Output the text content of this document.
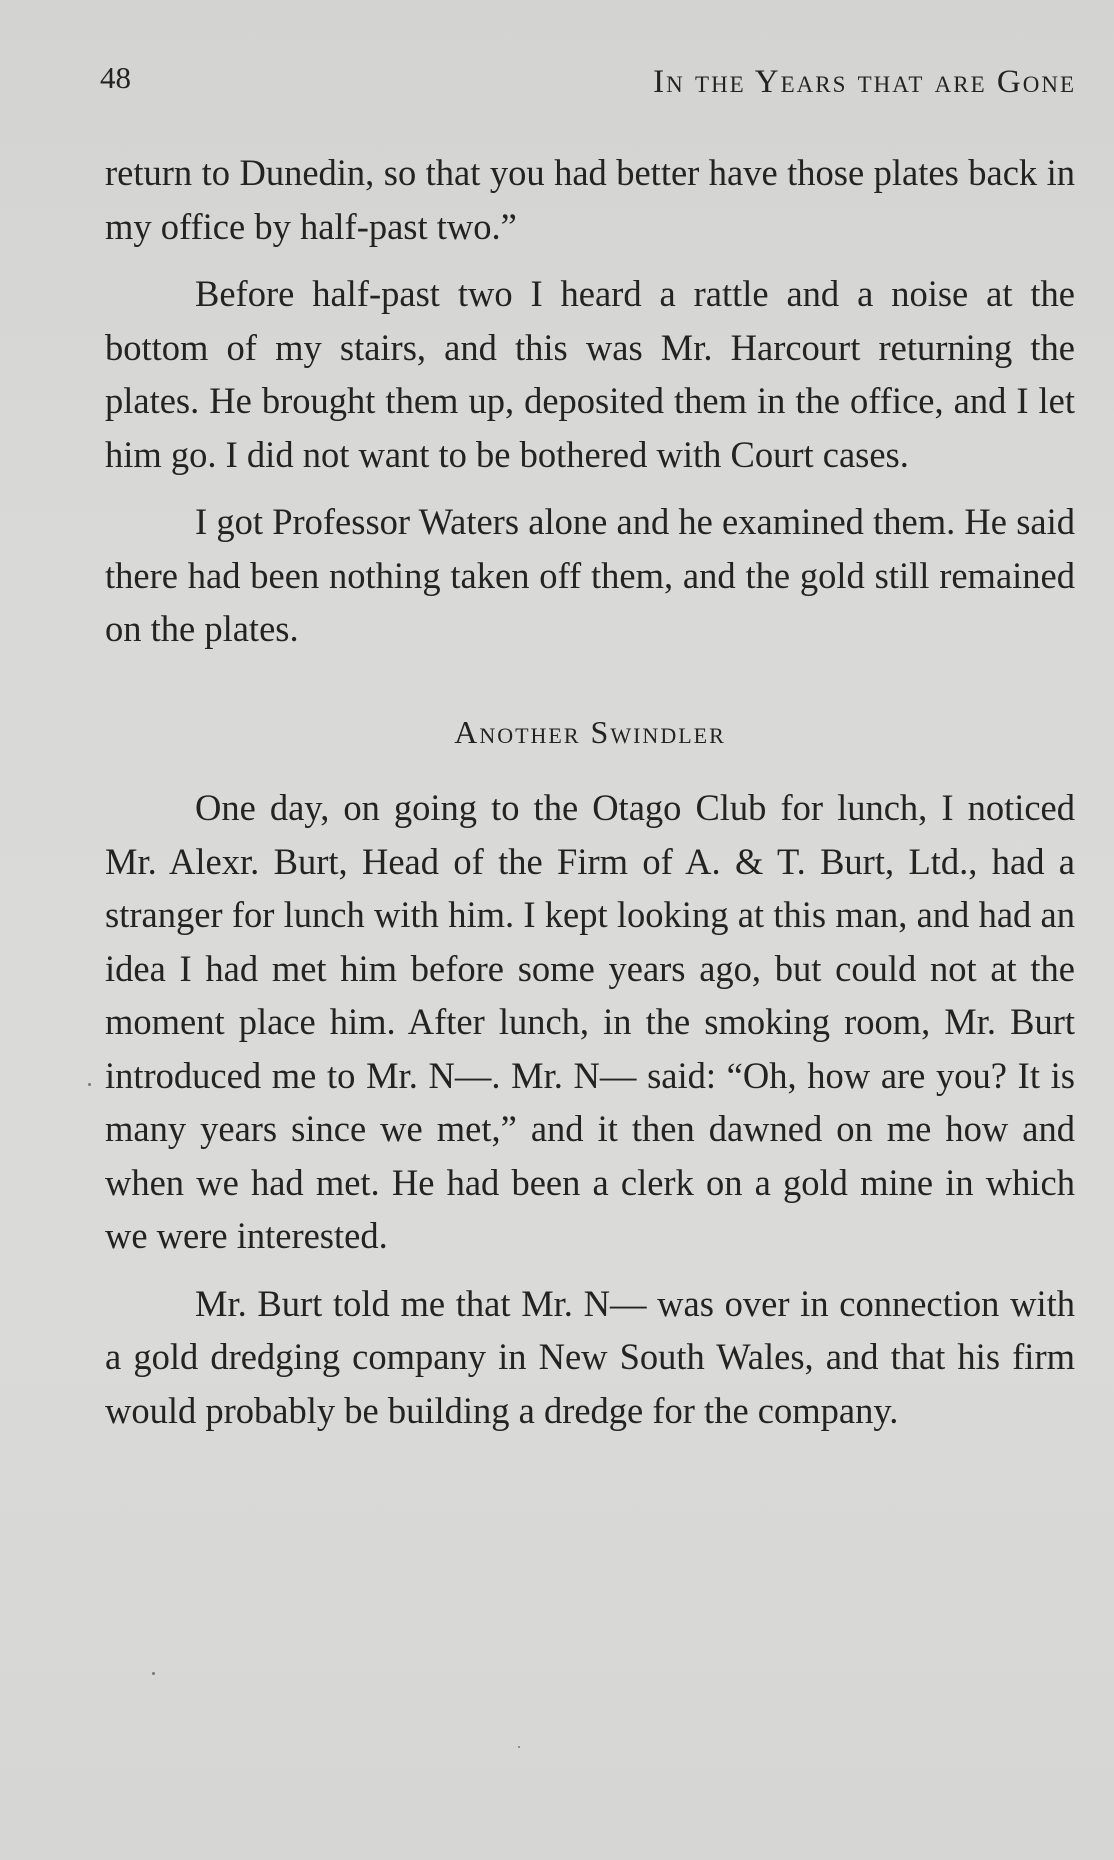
48	In the Years that are Gone

return to Dunedin, so that you had better have those plates back in my office by half-past two.”

Before half-past two I heard a rattle and a noise at the bottom of my stairs, and this was Mr. Harcourt returning the plates. He brought them up, deposited them in the office, and I let him go. I did not want to be bothered with Court cases.

I got Professor Waters alone and he examined them. He said there had been nothing taken off them, and the gold still remained on the plates.

Another Swindler

One day, on going to the Otago Club for lunch, I noticed Mr. Alexr. Burt, Head of the Firm of A. & T. Burt, Ltd., had a stranger for lunch with him. I kept looking at this man, and had an idea I had met him before some years ago, but could not at the moment place him. After lunch, in the smoking room, Mr. Burt introduced me to Mr. N—. Mr. N— said: “Oh, how are you? It is many years since we met,” and it then dawned on me how and when we had met. He had been a clerk on a gold mine in which we were interested.

Mr. Burt told me that Mr. N— was over in connection with a gold dredging company in New South Wales, and that his firm would probably be building a dredge for the company.
